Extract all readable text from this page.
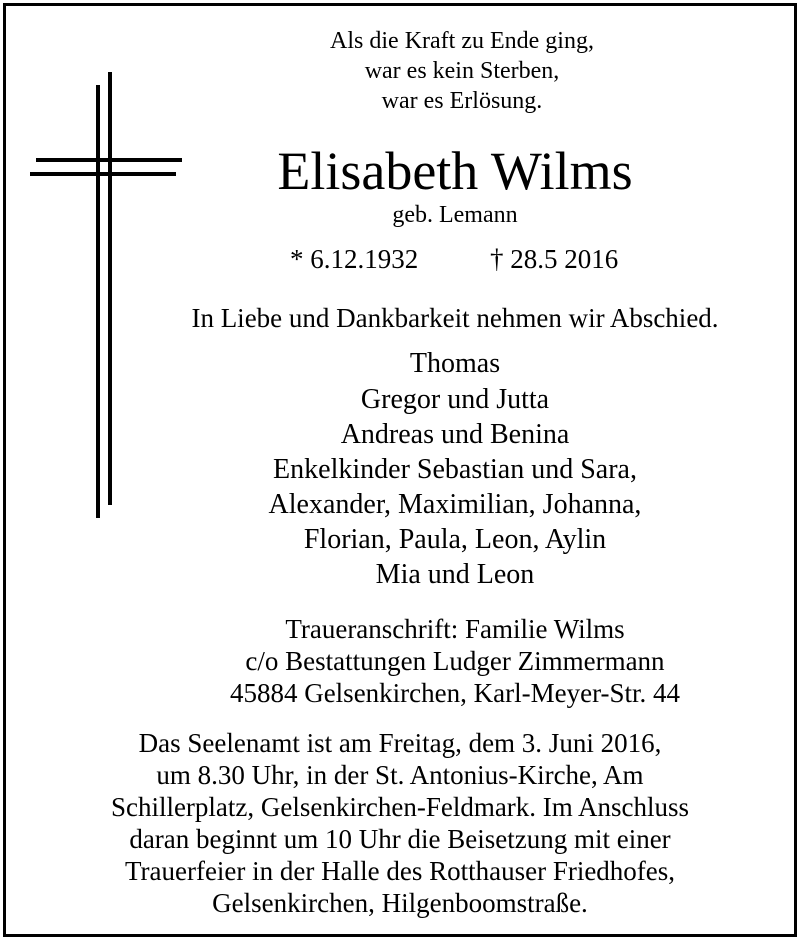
Als die Kraft zu Ende ging,
war es kein Sterben,
war es Erlösung.
Elisabeth Wilms
geb. Lemann
* 6.12.1932	† 28.5 2016
In Liebe und Dankbarkeit nehmen wir Abschied.
Thomas
Gregor und Jutta
Andreas und Benina
Enkelkinder Sebastian und Sara,
Alexander, Maximilian, Johanna,
Florian, Paula, Leon, Aylin
Mia und Leon
Traueranschrift: Familie Wilms
c/o Bestattungen Ludger Zimmermann
45884 Gelsenkirchen, Karl-Meyer-Str. 44
Das Seelenamt ist am Freitag, dem 3. Juni 2016,
um 8.30 Uhr, in der St. Antonius-Kirche, Am
Schillerplatz, Gelsenkirchen-Feldmark. Im Anschluss
daran beginnt um 10 Uhr die Beisetzung mit einer
Trauerfeier in der Halle des Rotthauser Friedhofes,
Gelsenkirchen, Hilgenboomstraße.
